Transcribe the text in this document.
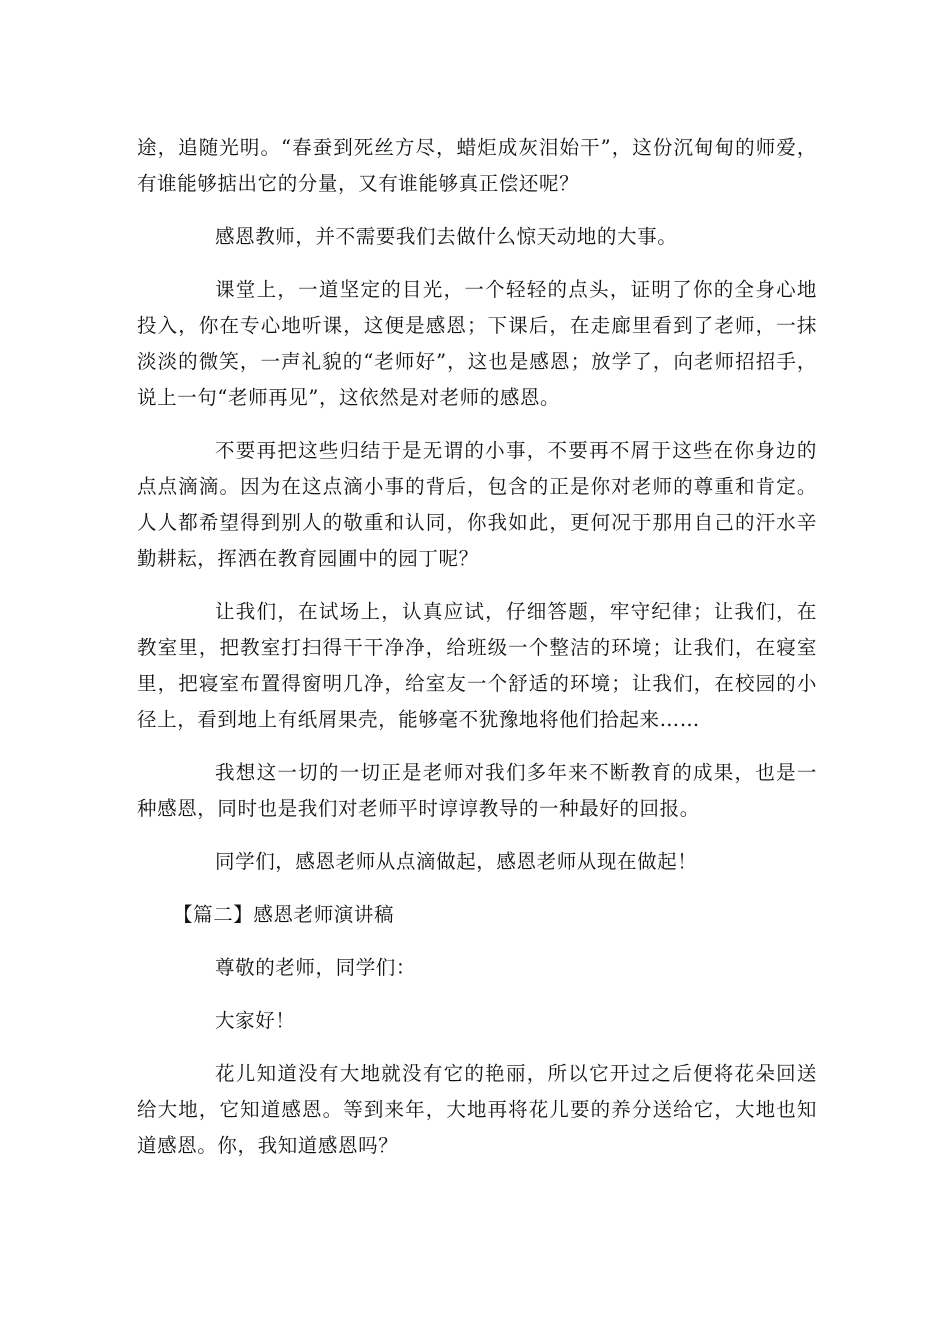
途，追随光明。“春蚕到死丝方尽，蜡炬成灰泪始干”，这份沉甸甸的师爱，有谁能够掂出它的分量，又有谁能够真正偿还呢？

感恩教师，并不需要我们去做什么惊天动地的大事。

课堂上，一道坚定的目光，一个轻轻的点头，证明了你的全身心地投入，你在专心地听课，这便是感恩；下课后，在走廊里看到了老师，一抹淡淡的微笑，一声礼貌的“老师好”，这也是感恩；放学了，向老师招招手，说上一句“老师再见”，这依然是对老师的感恩。

不要再把这些归结于是无谓的小事，不要再不屑于这些在你身边的点点滴滴。因为在这点滴小事的背后，包含的正是你对老师的尊重和肯定。人人都希望得到别人的敬重和认同，你我如此，更何况于那用自己的汗水辛勤耕耘，挥洒在教育园圃中的园丁呢？

让我们，在试场上，认真应试，仔细答题，牢守纪律；让我们，在教室里，把教室打扫得干干净净，给班级一个整洁的环境；让我们，在寝室里，把寝室布置得窗明几净，给室友一个舒适的环境；让我们，在校园的小径上，看到地上有纸屑果壳，能够毫不犹豫地将他们拾起来……

我想这一切的一切正是老师对我们多年来不断教育的成果，也是一种感恩，同时也是我们对老师平时谆谆教导的一种最好的回报。

同学们，感恩老师从点滴做起，感恩老师从现在做起！

【篇二】感恩老师演讲稿

尊敬的老师，同学们：

大家好！

花儿知道没有大地就没有它的艳丽，所以它开过之后便将花朵回送给大地，它知道感恩。等到来年，大地再将花儿要的养分送给它，大地也知道感恩。你，我知道感恩吗？
